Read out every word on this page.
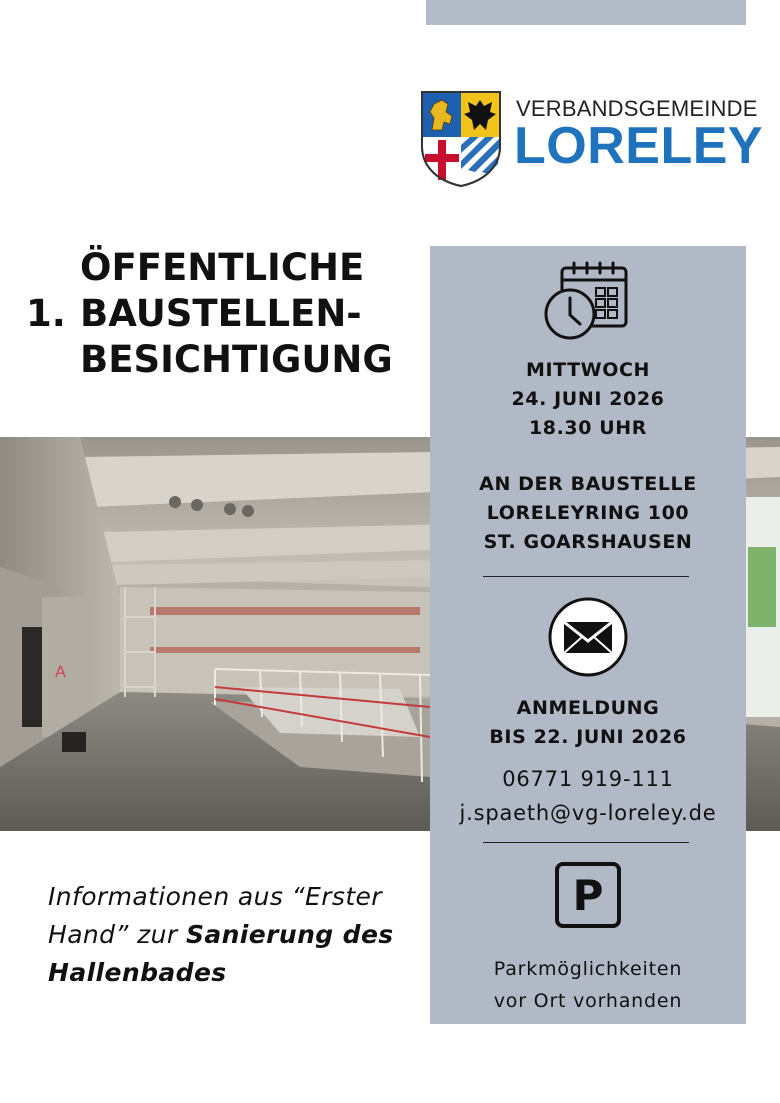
VERBANDSGEMEINDE
LORELEY
ÖFFENTLICHE
1. BAUSTELLEN-
BESICHTIGUNG
A
MITTWOCH
24. JUNI 2026
18.30 UHR
AN DER BAUSTELLE
LORELEYRING 100
ST. GOARSHAUSEN
ANMELDUNG
BIS 22. JUNI 2026
06771 919-111
j.spaeth@vg-loreley.de
P
Parkmöglichkeiten
vor Ort vorhanden
Informationen aus “Erster Hand” zur Sanierung des Hallenbades
